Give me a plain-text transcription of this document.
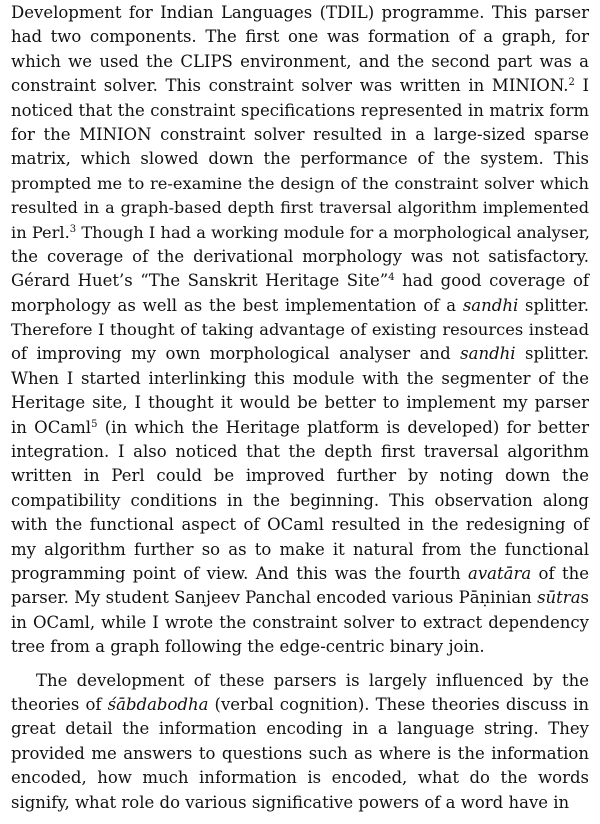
Development for Indian Languages (TDIL) programme. This parser
had two components. The first one was formation of a graph, for
which we used the CLIPS environment, and the second part was a
constraint solver. This constraint solver was written in MINION.$^2$ I
noticed that the constraint specifications represented in matrix form
for the MINION constraint solver resulted in a large-sized sparse
matrix, which slowed down the performance of the system. This
prompted me to re-examine the design of the constraint solver which
resulted in a graph-based depth first traversal algorithm implemented
in Perl.$^3$ Though I had a working module for a morphological analyser,
the coverage of the derivational morphology was not satisfactory.
Gérard Huet’s “The Sanskrit Heritage Site”$^4$ had good coverage of
morphology as well as the best implementation of a sandhi splitter.
Therefore I thought of taking advantage of existing resources instead
of improving my own morphological analyser and sandhi splitter.
When I started interlinking this module with the segmenter of the
Heritage site, I thought it would be better to implement my parser
in OCaml$^5$ (in which the Heritage platform is developed) for better
integration. I also noticed that the depth first traversal algorithm
written in Perl could be improved further by noting down the
compatibility conditions in the beginning. This observation along
with the functional aspect of OCaml resulted in the redesigning of
my algorithm further so as to make it natural from the functional
programming point of view. And this was the fourth avatāra of the
parser. My student Sanjeev Panchal encoded various Pāṇinian sūtras
in OCaml, while I wrote the constraint solver to extract dependency
tree from a graph following the edge-centric binary join.
The development of these parsers is largely influenced by the
theories of śābdabodha (verbal cognition). These theories discuss in
great detail the information encoding in a language string. They
provided me answers to questions such as where is the information
encoded, how much information is encoded, what do the words
signify, what role do various significative powers of a word have in
